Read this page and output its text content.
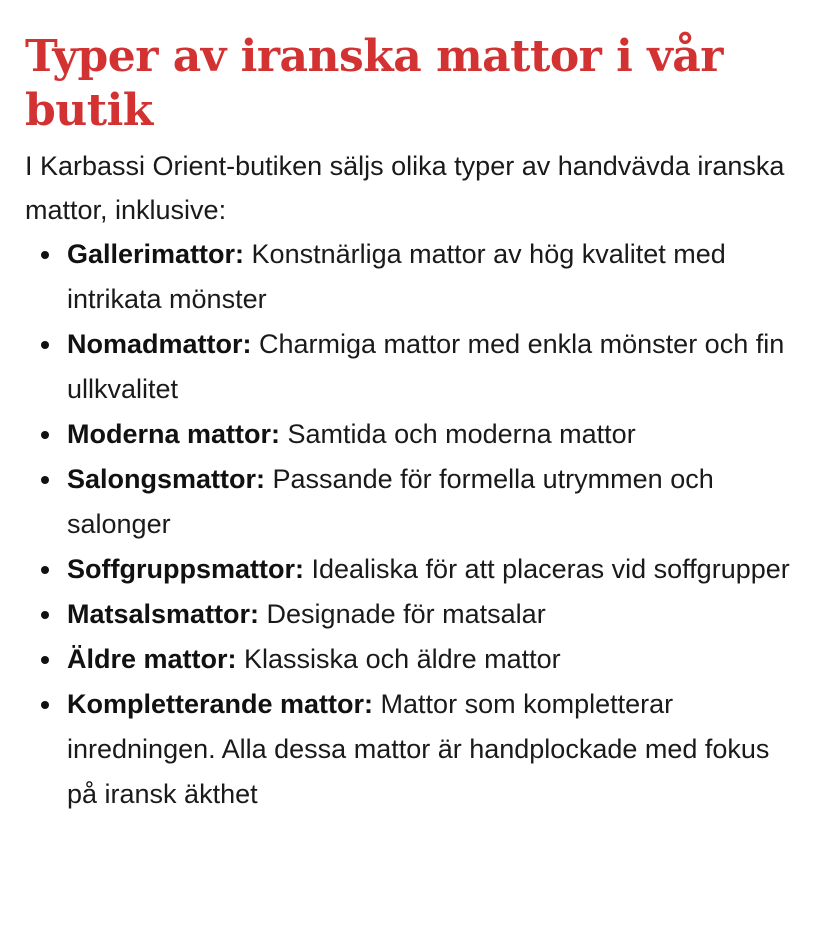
Typer av iranska mattor i vår butik

I Karbassi Orient-butiken säljs olika typer av handvävda iranska mattor, inklusive:

Gallerimattor: Konstnärliga mattor av hög kvalitet med intrikata mönster
Nomadmattor: Charmiga mattor med enkla mönster och fin ullkvalitet
Moderna mattor: Samtida och moderna mattor
Salongsmattor: Passande för formella utrymmen och salonger
Soffgruppsmattor: Idealiska för att placeras vid soffgrupper
Matsalsmattor: Designade för matsalar
Äldre mattor: Klassiska och äldre mattor
Kompletterande mattor: Mattor som kompletterar inredningen. Alla dessa mattor är handplockade med fokus på iransk äkthet
